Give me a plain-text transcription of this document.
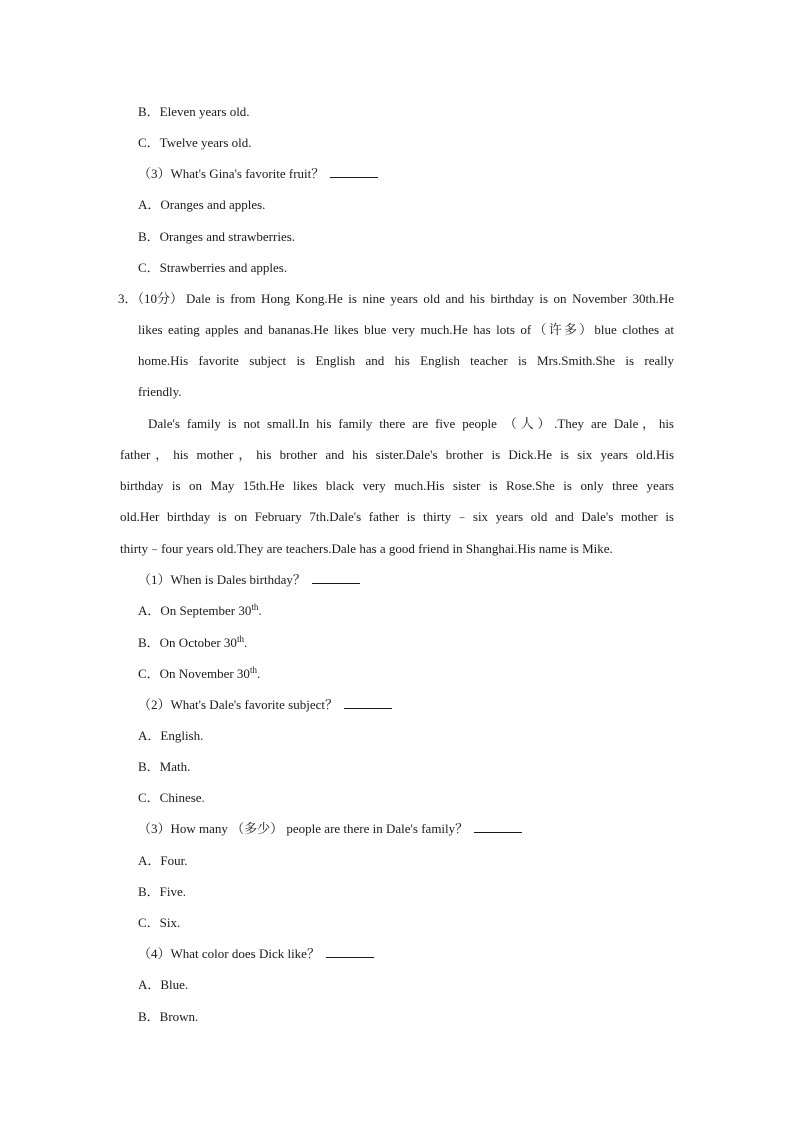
B．Eleven years old.
C．Twelve years old.
（3）What's Gina's favorite fruit？
A．Oranges and apples.
B．Oranges and strawberries.
C．Strawberries and apples.
3．（10分） Dale is from Hong Kong.He is nine years old and his birthday is on November 30th.He
likes eating apples and bananas.He likes blue very much.He has lots of（许多）blue clothes at
home.His favorite subject is English and his English teacher is Mrs.Smith.She is really
friendly.
Dale's family is not small.In his family there are five people （人）.They are Dale，his
father，his mother，his brother and his sister.Dale's brother is Dick.He is six years old.His
birthday is on May 15th.He likes black very much.His sister is Rose.She is only three years
old.Her birthday is on February 7th.Dale's father is thirty﹣six years old and Dale's mother is
thirty﹣four years old.They are teachers.Dale has a good friend in Shanghai.His name is Mike.
（1）When is Dales birthday？
A．On September 30th.
B．On October 30th.
C．On November 30th.
（2）What's Dale's favorite subject？
A．English.
B．Math.
C．Chinese.
（3）How many （多少） people are there in Dale's family？
A．Four.
B．Five.
C．Six.
（4）What color does Dick like？
A．Blue.
B．Brown.
